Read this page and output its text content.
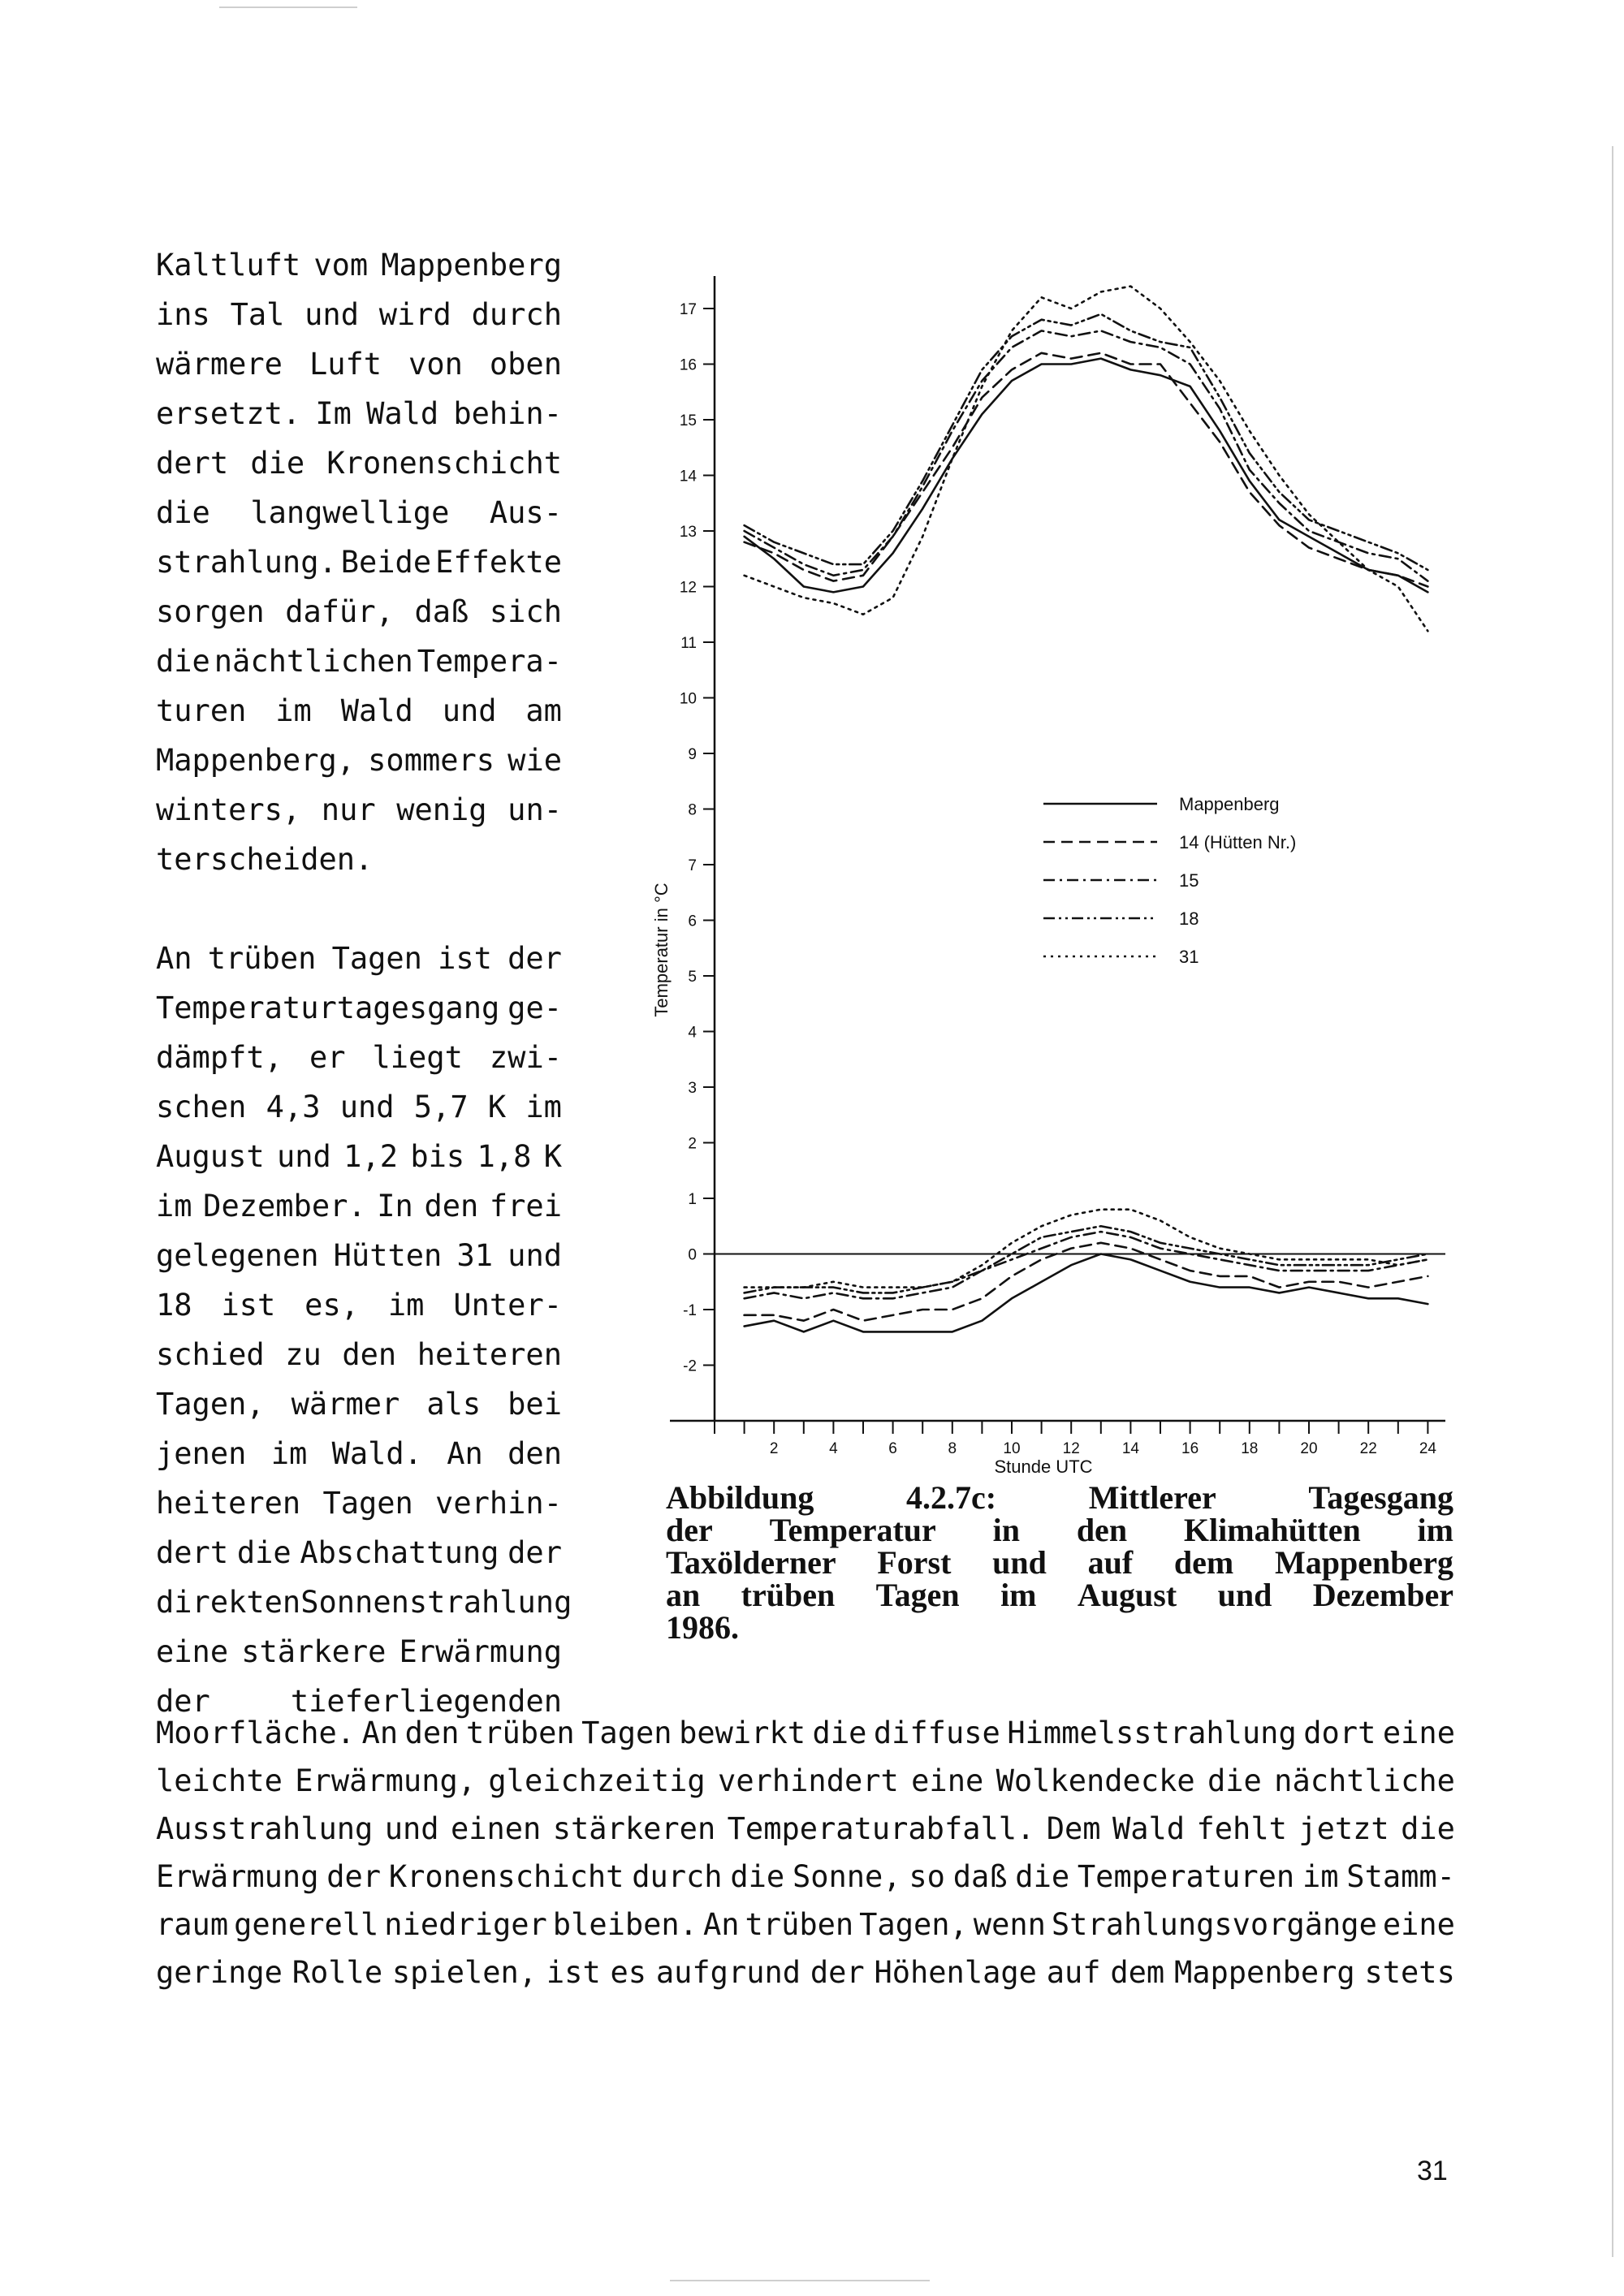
Kaltluft vom Mappenberg
ins Tal und wird durch
wärmere Luft von oben
ersetzt. Im Wald behin-
dert die Kronenschicht
die langwellige Aus-
strahlung. Beide Effekte
sorgen dafür, daß sich
die nächtlichen Tempera-
turen im Wald und am
Mappenberg, sommers wie
winters, nur wenig un-
terscheiden.
An trüben Tagen ist der
Temperaturtagesgang ge-
dämpft, er liegt zwi-
schen 4,3 und 5,7 K im
August und 1,2 bis 1,8 K
im Dezember. In den frei
gelegenen Hütten 31 und
18 ist es, im Unter-
schied zu den heiteren
Tagen, wärmer als bei
jenen im Wald. An den
heiteren Tagen verhin-
dert die Abschattung der
direkten Sonnenstrahlung
eine stärkere Erwärmung
der	tieferliegenden
17
16
15
14
13
12
11
10
9
8
7
6
5
4
3
2
1
0
-1
-2
2	4	6	8	10	12	14	16	18	20	22	24
Mappenberg
14 (Hütten Nr.)
15
18
31
Temperatur in °C
Stunde UTC
Abbildung	4.2.7c:	Mittlerer	Tagesgang
der Temperatur in den Klimahütten im
Taxölderner Forst und auf dem Mappenberg
an trüben Tagen im August und Dezember
1986.
Moorfläche. An den trüben Tagen bewirkt die diffuse Himmelsstrahlung dort eine
leichte Erwärmung, gleichzeitig verhindert eine Wolkendecke die nächtliche
Ausstrahlung und einen stärkeren Temperaturabfall. Dem Wald fehlt jetzt die
Erwärmung der Kronenschicht durch die Sonne, so daß die Temperaturen im Stamm-
raum generell niedriger bleiben. An trüben Tagen, wenn Strahlungsvorgänge eine
geringe Rolle spielen, ist es aufgrund der Höhenlage auf dem Mappenberg stets
31
